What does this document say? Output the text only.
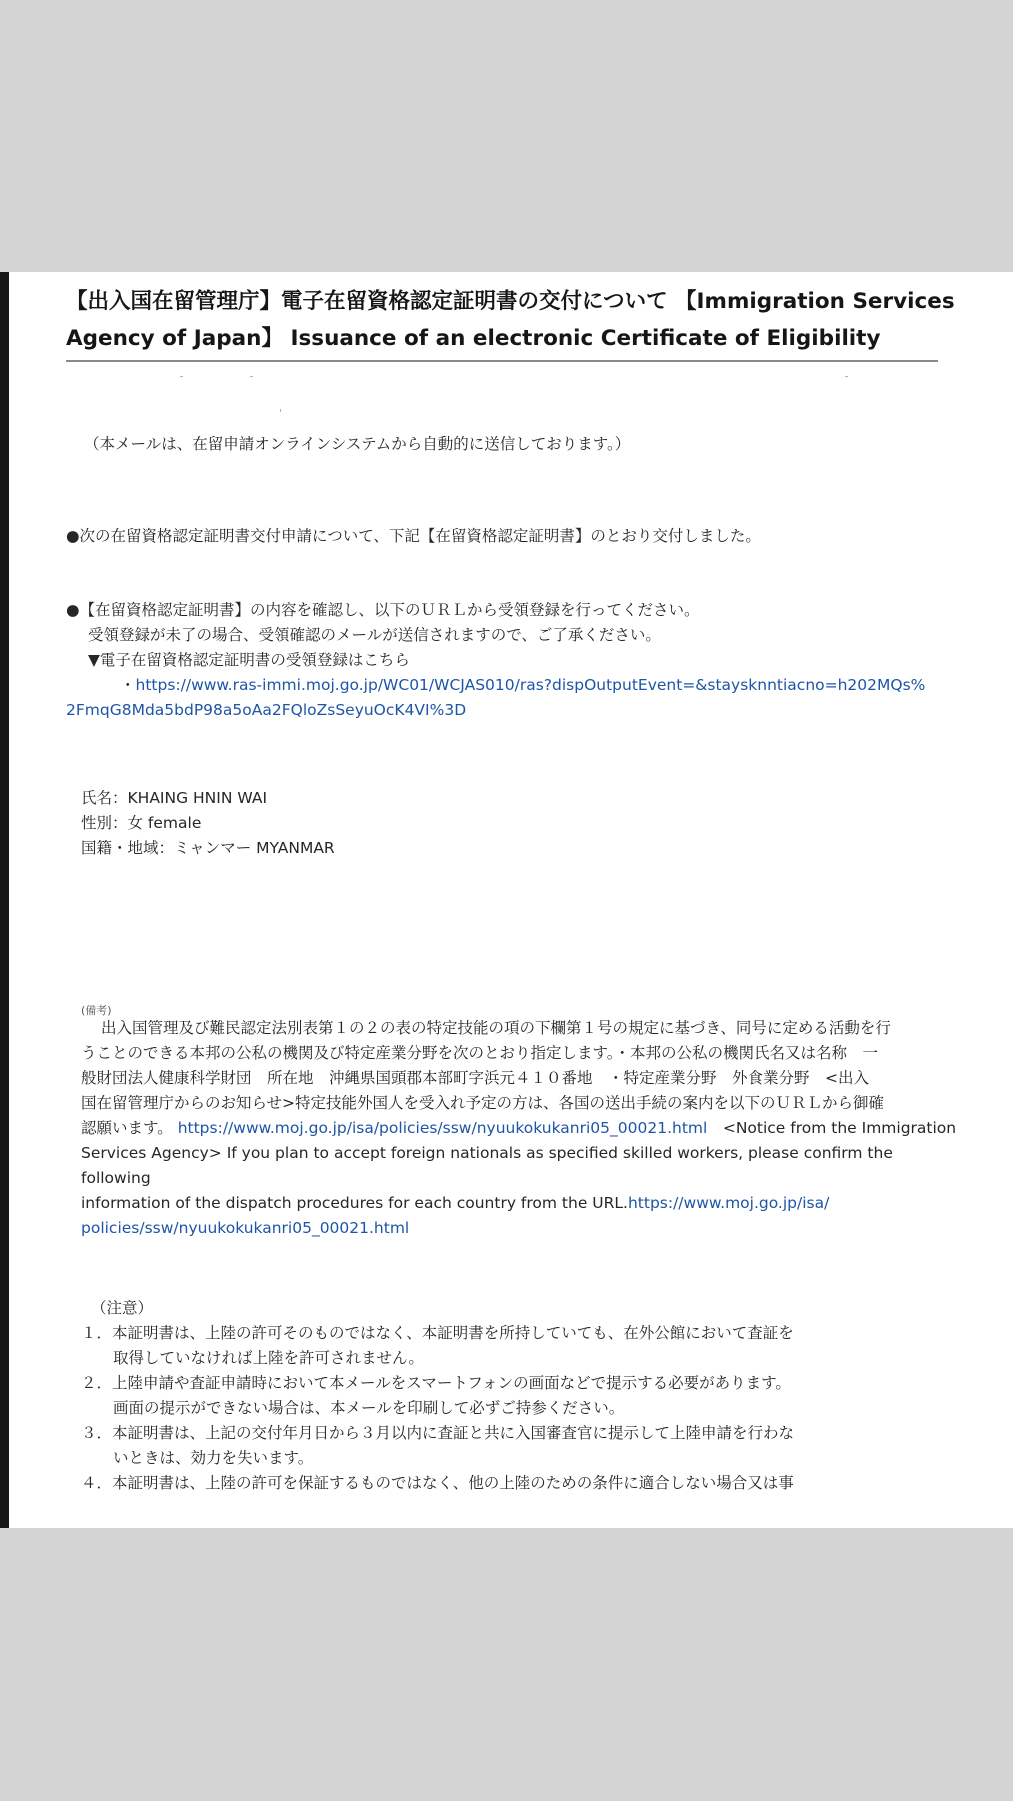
【出入国在留管理庁】電子在留資格認定証明書の交付について 【Immigration Services Agency of Japan】 Issuance of an electronic Certificate of Eligibility

（本メールは、在留申請オンラインシステムから自動的に送信しております。）

●次の在留資格認定証明書交付申請について、下記【在留資格認定証明書】のとおり交付しました。

●【在留資格認定証明書】の内容を確認し、以下のＵＲＬから受領登録を行ってください。

受領登録が未了の場合、受領確認のメールが送信されますので、ご了承ください。

▼電子在留資格認定証明書の受領登録はこちら

・https://www.ras-immi.moj.go.jp/WC01/WCJAS010/ras?dispOutputEvent=&staysknntiacno=h202MQs%

2FmqG8Mda5bdP98a5oAa2FQloZsSeyuOcK4VI%3D

氏名：KHAING HNIN WAI

性別：女 female

国籍・地域：ミャンマー MYANMAR

(備考)

出入国管理及び難民認定法別表第１の２の表の特定技能の項の下欄第１号の規定に基づき、同号に定める活動を行

うことのできる本邦の公私の機関及び特定産業分野を次のとおり指定します。・本邦の公私の機関氏名又は名称　一

般財団法人健康科学財団　所在地　沖縄県国頭郡本部町字浜元４１０番地　・特定産業分野　外食業分野　<出入

国在留管理庁からのお知らせ>特定技能外国人を受入れ予定の方は、各国の送出手続の案内を以下のＵＲＬから御確

認願います。 https://www.moj.go.jp/isa/policies/ssw/nyuukokukanri05_00021.html　 <Notice from the Immigration

Services Agency> If you plan to accept foreign nationals as specified skilled workers, please confirm the following

information of the dispatch procedures for each country from the URL.https://www.moj.go.jp/isa/

policies/ssw/nyuukokukanri05_00021.html

（注意）

１．本証明書は、上陸の許可そのものではなく、本証明書を所持していても、在外公館において査証を

取得していなければ上陸を許可されません。

２．上陸申請や査証申請時において本メールをスマートフォンの画面などで提示する必要があります。

画面の提示ができない場合は、本メールを印刷して必ずご持参ください。

３．本証明書は、上記の交付年月日から３月以内に査証と共に入国審査官に提示して上陸申請を行わな

いときは、効力を失います。

４．本証明書は、上陸の許可を保証するものではなく、他の上陸のための条件に適合しない場合又は事
